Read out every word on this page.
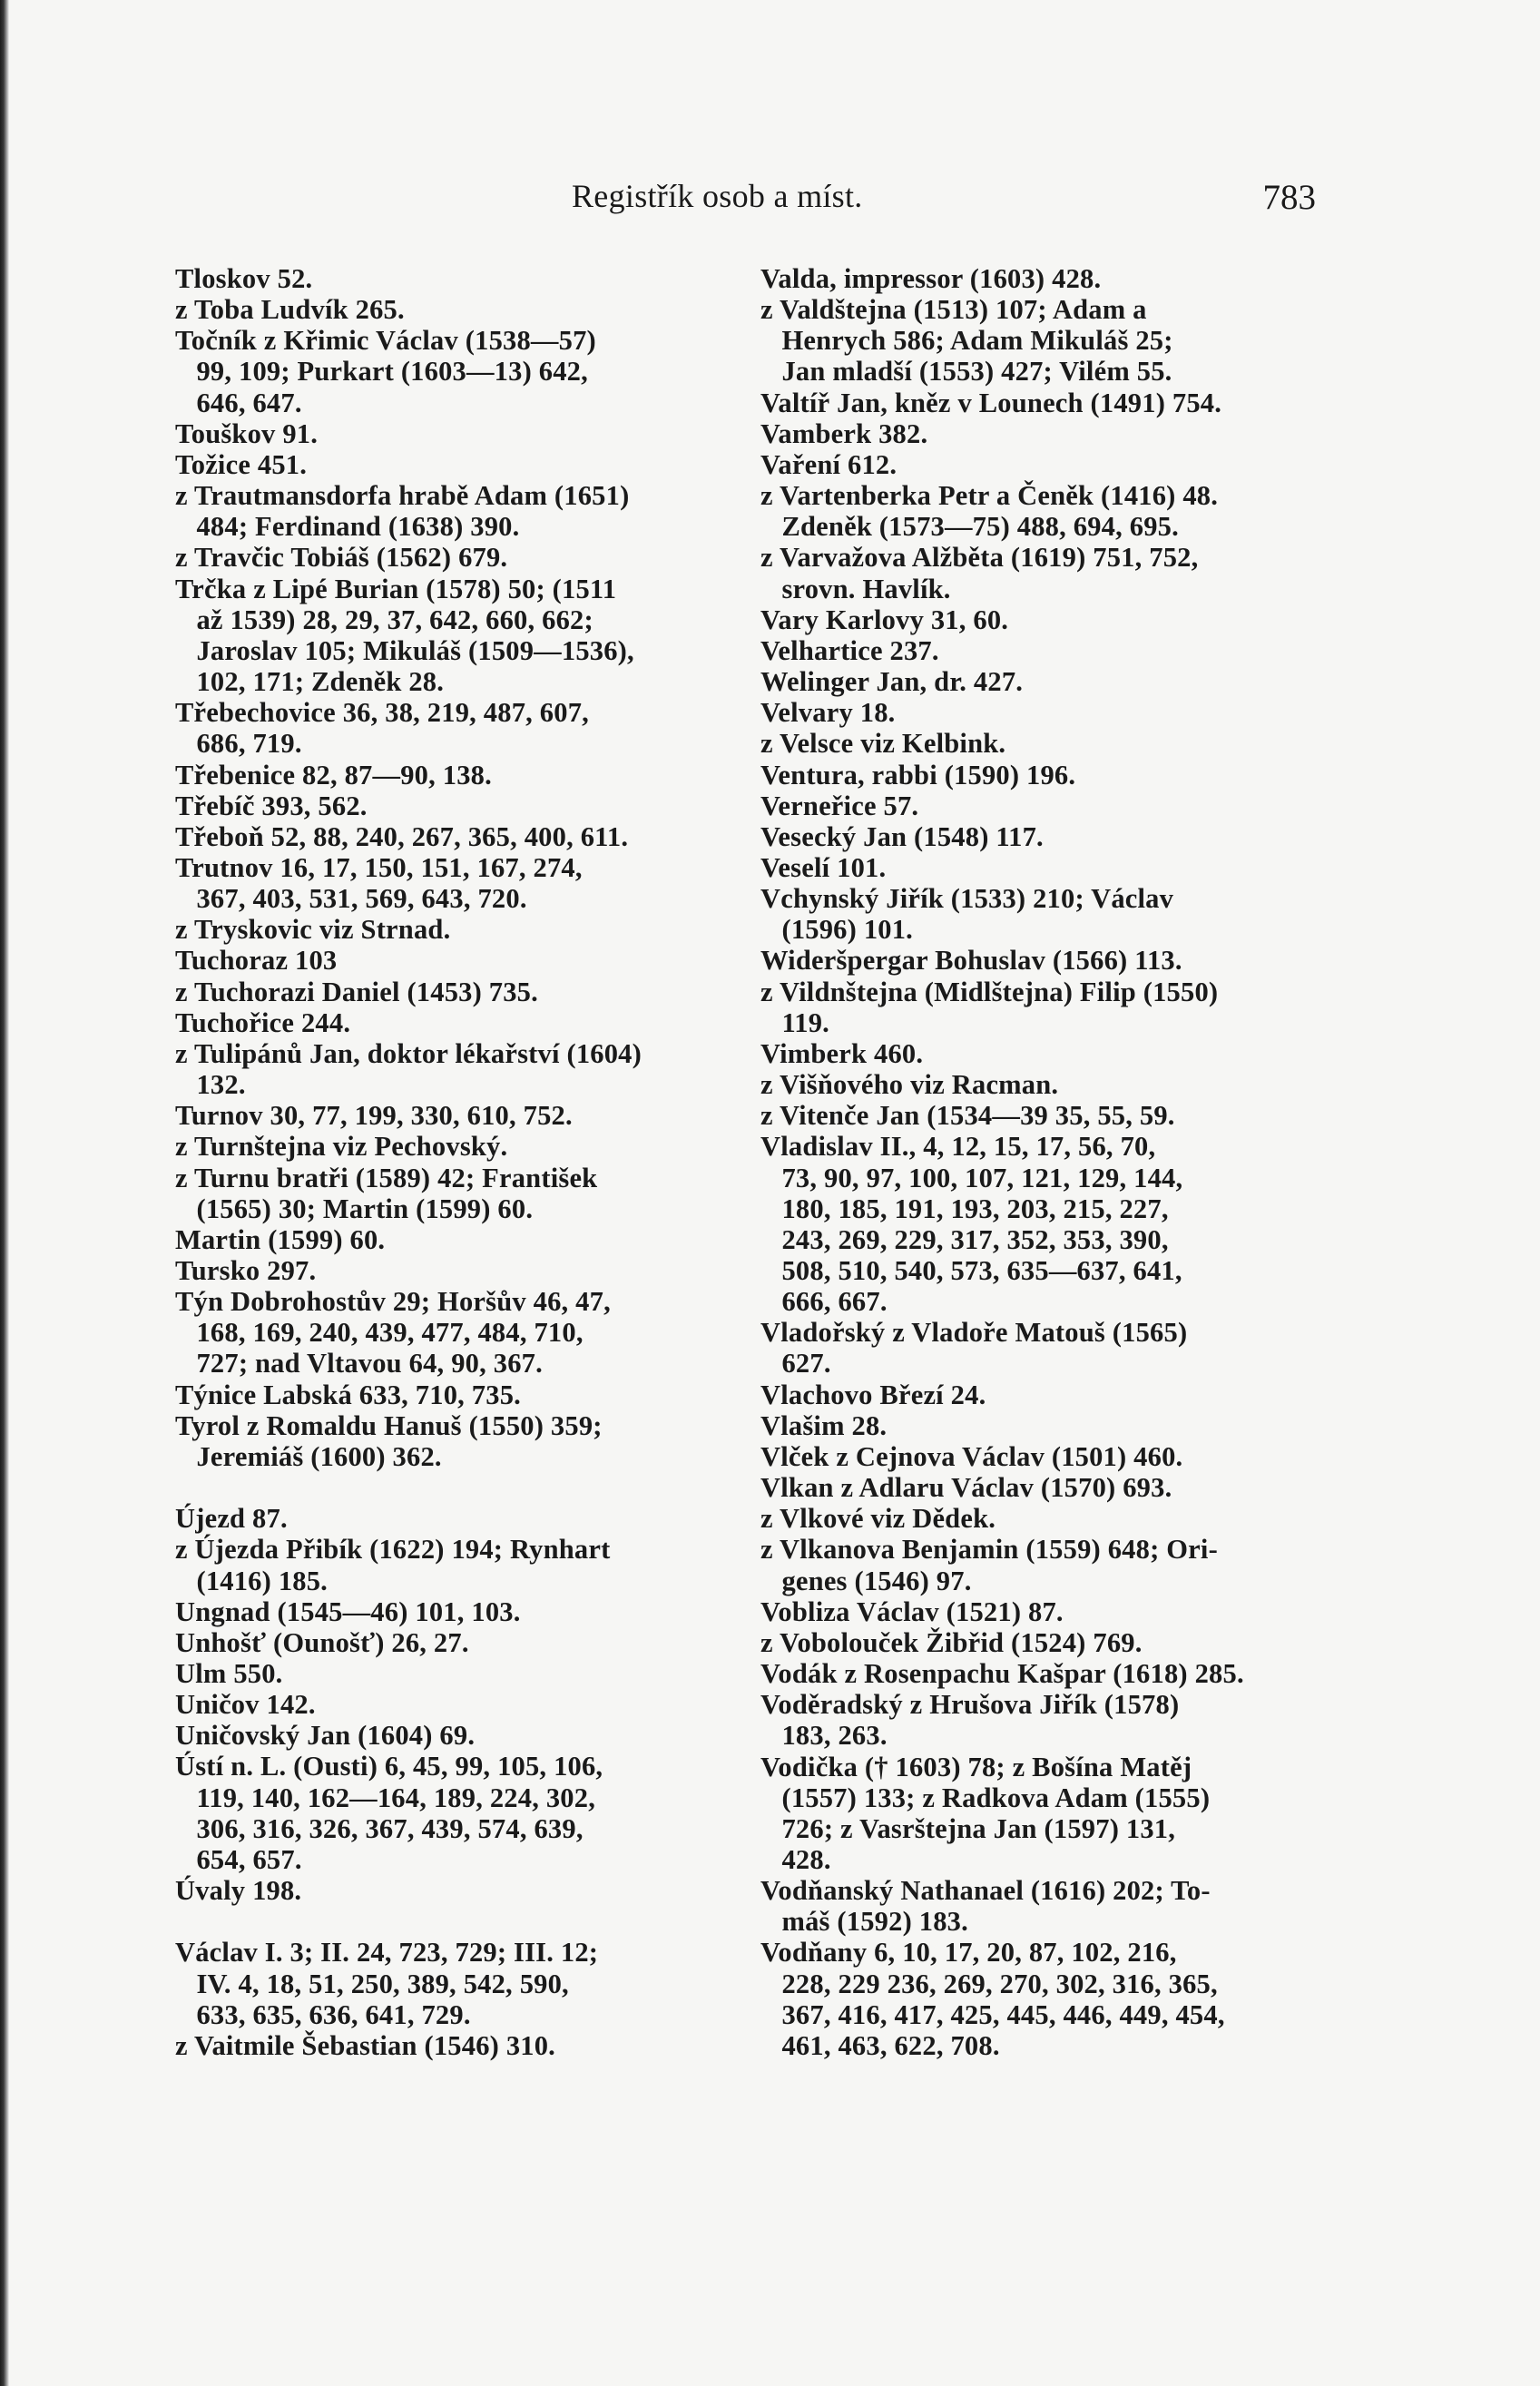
Registřík osob a míst.	783
Tloskov 52.
z Toba Ludvík 265.
Točník z Křimic Václav (1538—57)
99, 109; Purkart (1603—13) 642,
646, 647.
Touškov 91.
Tožice 451.
z Trautmansdorfa hrabě Adam (1651)
484; Ferdinand (1638) 390.
z Travčic Tobiáš (1562) 679.
Trčka z Lipé Burian (1578) 50; (1511
až 1539) 28, 29, 37, 642, 660, 662;
Jaroslav 105; Mikuláš (1509—1536),
102, 171; Zdeněk 28.
Třebechovice 36, 38, 219, 487, 607,
686, 719.
Třebenice 82, 87—90, 138.
Třebíč 393, 562.
Třeboň 52, 88, 240, 267, 365, 400, 611.
Trutnov 16, 17, 150, 151, 167, 274,
367, 403, 531, 569, 643, 720.
z Tryskovic viz Strnad.
Tuchoraz 103
z Tuchorazi Daniel (1453) 735.
Tuchořice 244.
z Tulipánů Jan, doktor lékařství (1604)
132.
Turnov 30, 77, 199, 330, 610, 752.
z Turnštejna viz Pechovský.
z Turnu bratři (1589) 42; František
(1565) 30; Martin (1599) 60.
Martin (1599) 60.
Tursko 297.
Týn Dobrohostův 29; Horšův 46, 47,
168, 169, 240, 439, 477, 484, 710,
727; nad Vltavou 64, 90, 367.
Týnice Labská 633, 710, 735.
Tyrol z Romaldu Hanuš (1550) 359;
Jeremiáš (1600) 362.
Újezd 87.
z Újezda Přibík (1622) 194; Rynhart
(1416) 185.
Ungnad (1545—46) 101, 103.
Unhošť (Ounošť) 26, 27.
Ulm 550.
Uničov 142.
Uničovský Jan (1604) 69.
Ústí n. L. (Ousti) 6, 45, 99, 105, 106,
119, 140, 162—164, 189, 224, 302,
306, 316, 326, 367, 439, 574, 639,
654, 657.
Úvaly 198.
Václav I. 3; II. 24, 723, 729; III. 12;
IV. 4, 18, 51, 250, 389, 542, 590,
633, 635, 636, 641, 729.
z Vaitmile Šebastian (1546) 310.
Valda, impressor (1603) 428.
z Valdštejna (1513) 107; Adam a
Henrych 586; Adam Mikuláš 25;
Jan mladší (1553) 427; Vilém 55.
Valtíř Jan, kněz v Lounech (1491) 754.
Vamberk 382.
Vaření 612.
z Vartenberka Petr a Čeněk (1416) 48.
Zdeněk (1573—75) 488, 694, 695.
z Varvažova Alžběta (1619) 751, 752,
srovn. Havlík.
Vary Karlovy 31, 60.
Velhartice 237.
Welinger Jan, dr. 427.
Velvary 18.
z Velsce viz Kelbink.
Ventura, rabbi (1590) 196.
Verneřice 57.
Vesecký Jan (1548) 117.
Veselí 101.
Vchynský Jiřík (1533) 210; Václav
(1596) 101.
Wideršpergar Bohuslav (1566) 113.
z Vildnštejna (Midlštejna) Filip (1550)
119.
Vimberk 460.
z Višňového viz Racman.
z Vitenče Jan (1534—39 35, 55, 59.
Vladislav II., 4, 12, 15, 17, 56, 70,
73, 90, 97, 100, 107, 121, 129, 144,
180, 185, 191, 193, 203, 215, 227,
243, 269, 229, 317, 352, 353, 390,
508, 510, 540, 573, 635—637, 641,
666, 667.
Vladořský z Vladoře Matouš (1565)
627.
Vlachovo Březí 24.
Vlašim 28.
Vlček z Cejnova Václav (1501) 460.
Vlkan z Adlaru Václav (1570) 693.
z Vlkové viz Dědek.
z Vlkanova Benjamin (1559) 648; Ori-
genes (1546) 97.
Vobliza Václav (1521) 87.
z Vobolouček Žibřid (1524) 769.
Vodák z Rosenpachu Kašpar (1618) 285.
Voděradský z Hrušova Jiřík (1578)
183, 263.
Vodička († 1603) 78; z Bošína Matěj
(1557) 133; z Radkova Adam (1555)
726; z Vasrštejna Jan (1597) 131,
428.
Vodňanský Nathanael (1616) 202; To-
máš (1592) 183.
Vodňany 6, 10, 17, 20, 87, 102, 216,
228, 229 236, 269, 270, 302, 316, 365,
367, 416, 417, 425, 445, 446, 449, 454,
461, 463, 622, 708.
